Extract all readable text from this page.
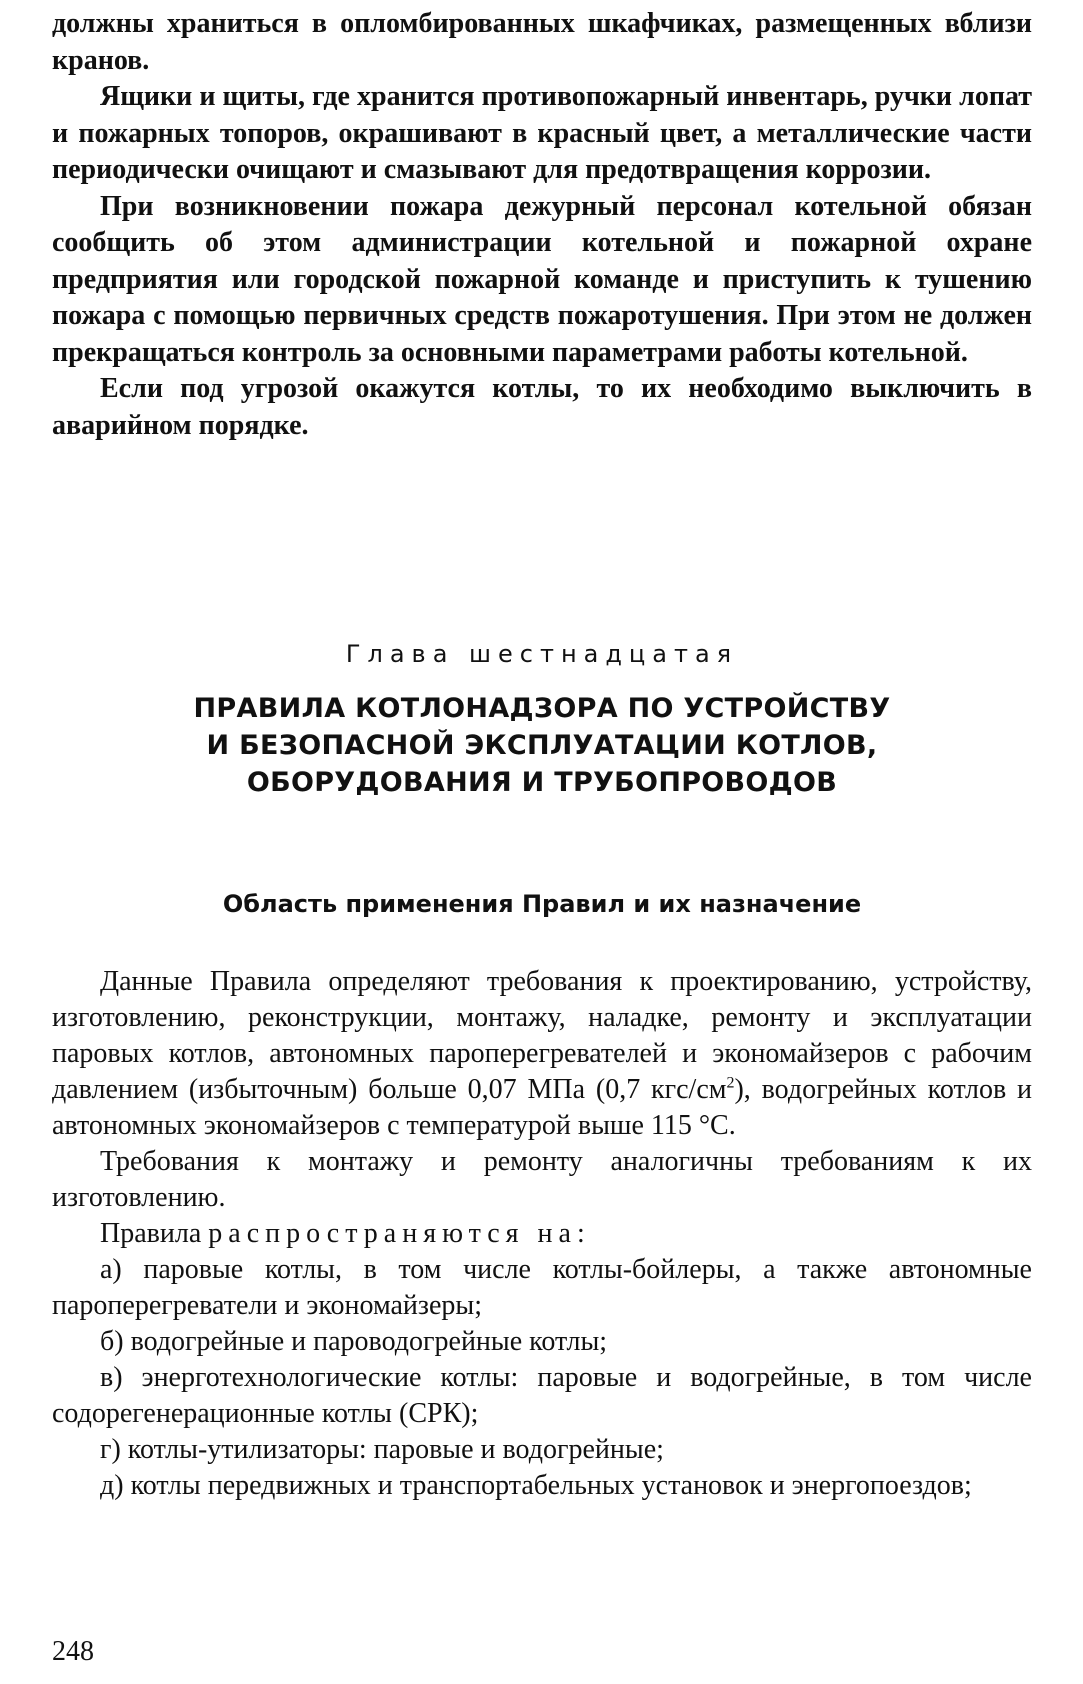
должны храниться в опломбированных шкафчиках, размещенных вблизи кранов.

Ящики и щиты, где хранится противопожарный инвентарь, ручки лопат и пожарных топоров, окрашивают в красный цвет, а металлические части периодически очищают и смазывают для предотвращения коррозии.

При возникновении пожара дежурный персонал котельной обязан сообщить об этом администрации котельной и пожарной охране предприятия или городской пожарной команде и приступить к тушению пожара с помощью первичных средств пожаротушения. При этом не должен прекращаться контроль за основными параметрами работы котельной.

Если под угрозой окажутся котлы, то их необходимо выключить в аварийном порядке.

Глава шестнадцатая

ПРАВИЛА КОТЛОНАДЗОРА ПО УСТРОЙСТВУ
И БЕЗОПАСНОЙ ЭКСПЛУАТАЦИИ КОТЛОВ,
ОБОРУДОВАНИЯ И ТРУБОПРОВОДОВ
Область применения Правил и их назначение

Данные Правила определяют требования к проектированию, устройству, изготовлению, реконструкции, монтажу, наладке, ремонту и эксплуатации паровых котлов, автономных пароперегревателей и экономайзеров с рабочим давлением (избыточным) больше 0,07 МПа (0,7 кгс/$см^2$), водогрейных котлов и автономных экономайзеров с температурой выше 115 °С.

Требования к монтажу и ремонту аналогичны требованиям к их изготовлению.

Правила распространяются на:

а) паровые котлы, в том числе котлы-бойлеры, а также автономные пароперегреватели и экономайзеры;

б) водогрейные и пароводогрейные котлы;

в) энерготехнологические котлы: паровые и водогрейные, в том числе содорегенерационные котлы (СРК);

г) котлы-утилизаторы: паровые и водогрейные;

д) котлы передвижных и транспортабельных установок и энергопоездов;

248
